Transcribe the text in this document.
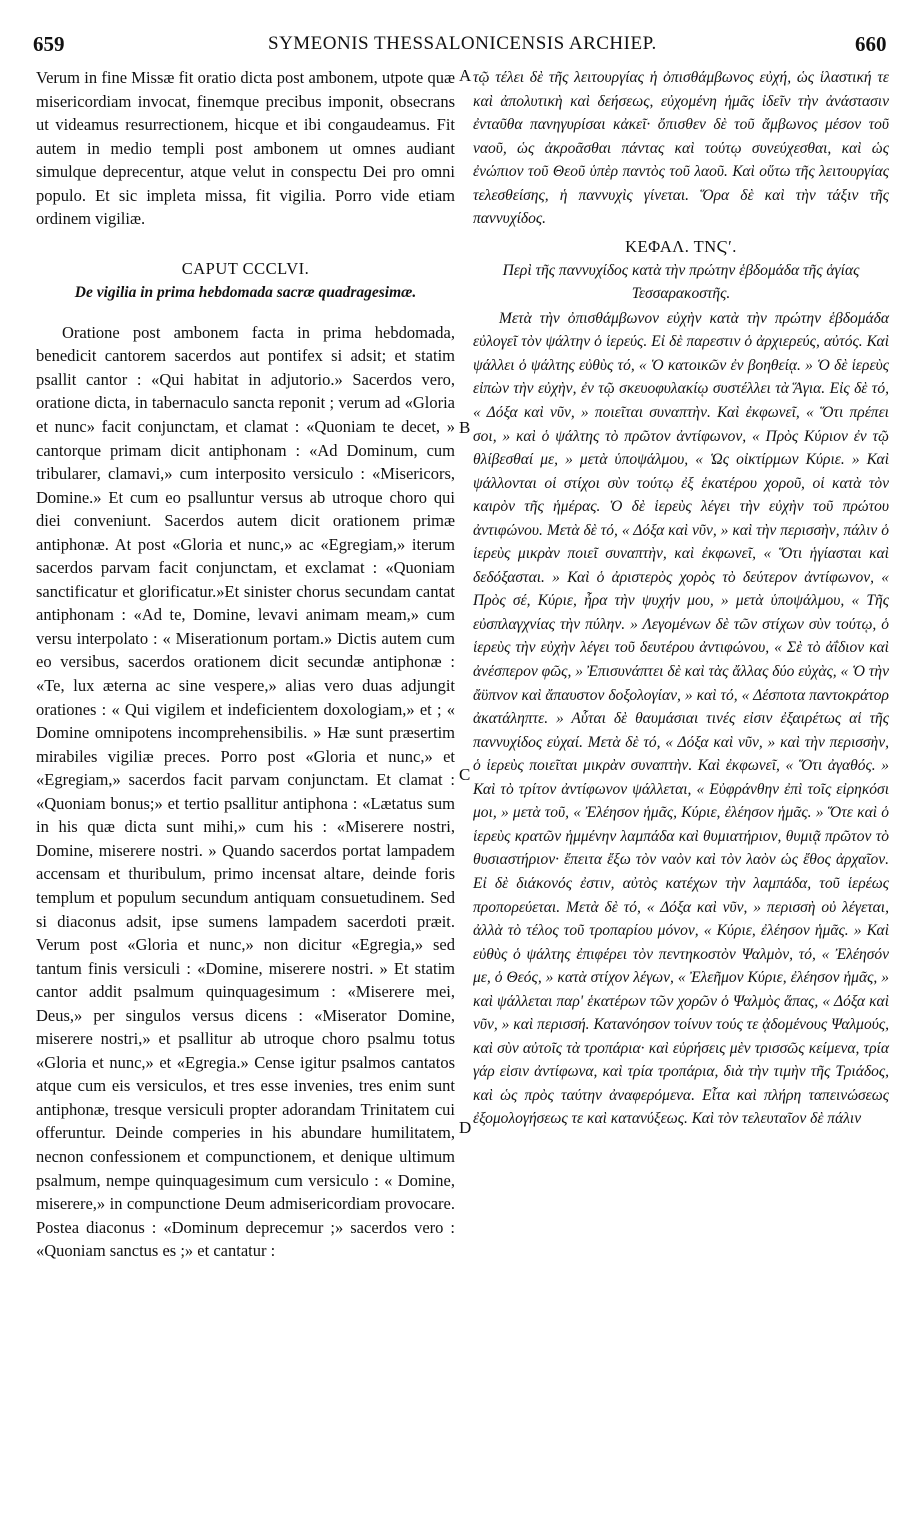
659	SYMEONIS THESSALONICENSIS ARCHIEP.	660

Verum in fine Missæ fit oratio dicta post ambonem, utpote quæ misericordiam invocat, finemque precibus imponit, obsecrans ut videamus resurrectionem, hicque et ibi congaudeamus. Fit autem in medio templi post ambonem ut omnes audiant simulque deprecentur, atque velut in conspectu Dei pro omni populo. Et sic impleta missa, fit vigilia. Porro vide etiam ordinem vigiliæ.

CAPUT CCCLVI.

De vigilia in prima hebdomada sacræ quadragesimæ.

Oratione post ambonem facta in prima hebdomada, benedicit cantorem sacerdos aut pontifex si adsit; et statim psallit cantor : «Qui habitat in adjutorio.» Sacerdos vero, oratione dicta, in tabernaculo sancta reponit ; verum ad «Gloria et nunc» facit conjunctam, et clamat : «Quoniam te decet, » cantorque primam dicit antiphonam : «Ad Dominum, cum tribularer, clamavi,» cum interposito versiculo : «Misericors, Domine.» Et cum eo psalluntur versus ab utroque choro qui diei conveniunt. Sacerdos autem dicit orationem primæ antiphonæ. At post «Gloria et nunc,» ac «Egregiam,» iterum sacerdos parvam facit conjunctam, et exclamat : «Quoniam sanctificatur et glorificatur.»Et sinister chorus secundam cantat antiphonam : «Ad te, Domine, levavi animam meam,» cum versu interpolato : « Miserationum portam.» Dictis autem cum eo versibus, sacerdos orationem dicit secundæ antiphonæ : «Te, lux æterna ac sine vespere,» alias vero duas adjungit orationes : « Qui vigilem et indeficientem doxologiam,» et ; « Domine omnipotens incomprehensibilis. » Hæ sunt præsertim mirabiles vigiliæ preces. Porro post «Gloria et nunc,» et «Egregiam,» sacerdos facit parvam conjunctam. Et clamat : «Quoniam bonus;» et tertio psallitur antiphona : «Lætatus sum in his quæ dicta sunt mihi,» cum his : «Miserere nostri, Domine, miserere nostri. » Quando sacerdos portat lampadem accensam et thuribulum, primo incensat altare, deinde foris templum et populum secundum antiquam consuetudinem. Sed si diaconus adsit, ipse sumens lampadem sacerdoti præit. Verum post «Gloria et nunc,» non dicitur «Egregia,» sed tantum finis versiculi : «Domine, miserere nostri. » Et statim cantor addit psalmum quinquagesimum : «Miserere mei, Deus,» per singulos versus dicens : «Miserator Domine, miserere nostri,» et psallitur ab utroque choro psalmu totus «Gloria et nunc,» et «Egregia.» Cense igitur psalmos cantatos atque cum eis versiculos, et tres esse invenies, tres enim sunt antiphonæ, tresque versiculi propter adorandam Trinitatem cui offeruntur. Deinde comperies in his abundare humilitatem, necnon confessionem et compunctionem, et denique ultimum psalmum, nempe quinquagesimum cum versiculo : « Domine, miserere,» in compunctione Deum admisericordiam provocare. Postea diaconus : «Dominum deprecemur ;» sacerdos vero : «Quoniam sanctus es ;» et cantatur :

A
B
C
D

τῷ τέλει δὲ τῆς λειτουργίας ἡ ὀπισθάμβωνος εὐχή, ὡς ἱλαστική τε καὶ ἀπολυτικὴ καὶ δεήσεως, εὐχομένη ἡμᾶς ἰδεῖν τὴν ἀνάστασιν ἐνταῦθα πανηγυρίσαι κἀκεῖ· ὄπισθεν δὲ τοῦ ἄμβωνος μέσον τοῦ ναοῦ, ὡς ἀκροᾶσθαι πάντας καὶ τούτῳ συνεύχεσθαι, καὶ ὡς ἐνώπιον τοῦ Θεοῦ ὑπὲρ παντὸς τοῦ λαοῦ. Καὶ οὕτω τῆς λειτουργίας τελεσθείσης, ἡ παννυχὶς γίνεται. Ὅρα δὲ καὶ τὴν τάξιν τῆς παννυχίδος.

ΚΕΦΑΛ. ΤΝϚʹ.

Περὶ τῆς παννυχίδος κατὰ τὴν πρώτην ἑβδομάδα τῆς ἁγίας Τεσσαρακοστῆς.

Μετὰ τὴν ὀπισθάμβωνον εὐχὴν κατὰ τὴν πρώτην ἑβδομάδα εὐλογεῖ τὸν ψάλτην ὁ ἱερεύς. Εἰ δὲ παρεστιν ὁ ἀρχιερεύς, αὐτός. Καὶ ψάλλει ὁ ψάλτης εὐθὺς τό, « Ὁ κατοικῶν ἐν βοηθείᾳ. » Ὁ δὲ ἱερεὺς εἰπὼν τὴν εὐχὴν, ἐν τῷ σκευοφυλακίῳ συστέλλει τὰ Ἅγια. Εἰς δὲ τό, « Δόξα καὶ νῦν, » ποιεῖται συναπτὴν. Καὶ ἐκφωνεῖ, « Ὅτι πρέπει σοι, » καὶ ὁ ψάλτης τὸ πρῶτον ἀντίφωνον, « Πρὸς Κύριον ἐν τῷ θλίβεσθαί με, » μετὰ ὑποψάλμου, « Ὡς οἰκτίρμων Κύριε. » Καὶ ψάλλονται οἱ στίχοι σὺν τούτῳ ἐξ ἑκατέρου χοροῦ, οἱ κατὰ τὸν καιρὸν τῆς ἡμέρας. Ὁ δὲ ἱερεὺς λέγει τὴν εὐχὴν τοῦ πρώτου ἀντιφώνου. Μετὰ δὲ τό, « Δόξα καὶ νῦν, » καὶ τὴν περισσὴν, πάλιν ὁ ἱερεὺς μικρὰν ποιεῖ συναπτὴν, καὶ ἐκφωνεῖ, « Ὅτι ἡγίασται καὶ δεδόξασται. » Καὶ ὁ ἀριστερὸς χορὸς τὸ δεύτερον ἀντίφωνον, « Πρὸς σέ, Κύριε, ἦρα τὴν ψυχήν μου, » μετὰ ὑποψάλμου, « Τῆς εὐσπλαγχνίας τὴν πύλην. » Λεγομένων δὲ τῶν στίχων σὺν τούτῳ, ὁ ἱερεὺς τὴν εὐχὴν λέγει τοῦ δευτέρου ἀντιφώνου, « Σὲ τὸ ἀΐδιον καὶ ἀνέσπερον φῶς, » Ἐπισυνάπτει δὲ καὶ τὰς ἄλλας δύο εὐχὰς, « Ὁ τὴν ἄϋπνον καὶ ἄπαυστον δοξολογίαν, » καὶ τό, « Δέσποτα παντοκράτορ ἀκατάληπτε. » Αὗται δὲ θαυμάσιαι τινές εἰσιν ἐξαιρέτως αἱ τῆς παννυχίδος εὐχαί. Μετὰ δὲ τό, « Δόξα καὶ νῦν, » καὶ τὴν περισσὴν, ὁ ἱερεὺς ποιεῖται μικρὰν συναπτὴν. Καὶ ἐκφωνεῖ, « Ὅτι ἀγαθός. » Καὶ τὸ τρίτον ἀντίφωνον ψάλλεται, « Εὐφράνθην ἐπὶ τοῖς εἰρηκόσι μοι, » μετὰ τοῦ, « Ἐλέησον ἡμᾶς, Κύριε, ἐλέησον ἡμᾶς. » Ὅτε καὶ ὁ ἱερεὺς κρατῶν ἡμμένην λαμπάδα καὶ θυμιατήριον, θυμιᾷ πρῶτον τὸ θυσιαστήριον· ἔπειτα ἔξω τὸν ναὸν καὶ τὸν λαὸν ὡς ἔθος ἀρχαῖον. Εἰ δὲ διάκονός ἐστιν, αὐτὸς κατέχων τὴν λαμπάδα, τοῦ ἱερέως προπορεύεται. Μετὰ δὲ τό, « Δόξα καὶ νῦν, » περισσὴ οὐ λέγεται, ἀλλὰ τὸ τέλος τοῦ τροπαρίου μόνον, « Κύριε, ἐλέησον ἡμᾶς. » Καὶ εὐθὺς ὁ ψάλτης ἐπιφέρει τὸν πεντηκοστὸν Ψαλμὸν, τό, « Ἐλέησόν με, ὁ Θεός, » κατὰ στίχον λέγων, « Ἐλεῆμον Κύριε, ἐλέησον ἡμᾶς, » καὶ ψάλλεται παρ' ἑκατέρων τῶν χορῶν ὁ Ψαλμὸς ἅπας, « Δόξα καὶ νῦν, » καὶ περισσή. Κατανόησον τοίνυν τούς τε ᾀδομένους Ψαλμούς, καὶ σὺν αὐτοῖς τὰ τροπάρια· καὶ εὑρήσεις μὲν τρισσῶς κείμενα, τρία γάρ εἰσιν ἀντίφωνα, καὶ τρία τροπάρια, διὰ τὴν τιμὴν τῆς Τριάδος, καὶ ὡς πρὸς ταύτην ἀναφερόμενα. Εἶτα καὶ πλήρη ταπεινώσεως ἐξομολογήσεως τε καὶ κατανύξεως. Καὶ τὸν τελευταῖον δὲ πάλιν
